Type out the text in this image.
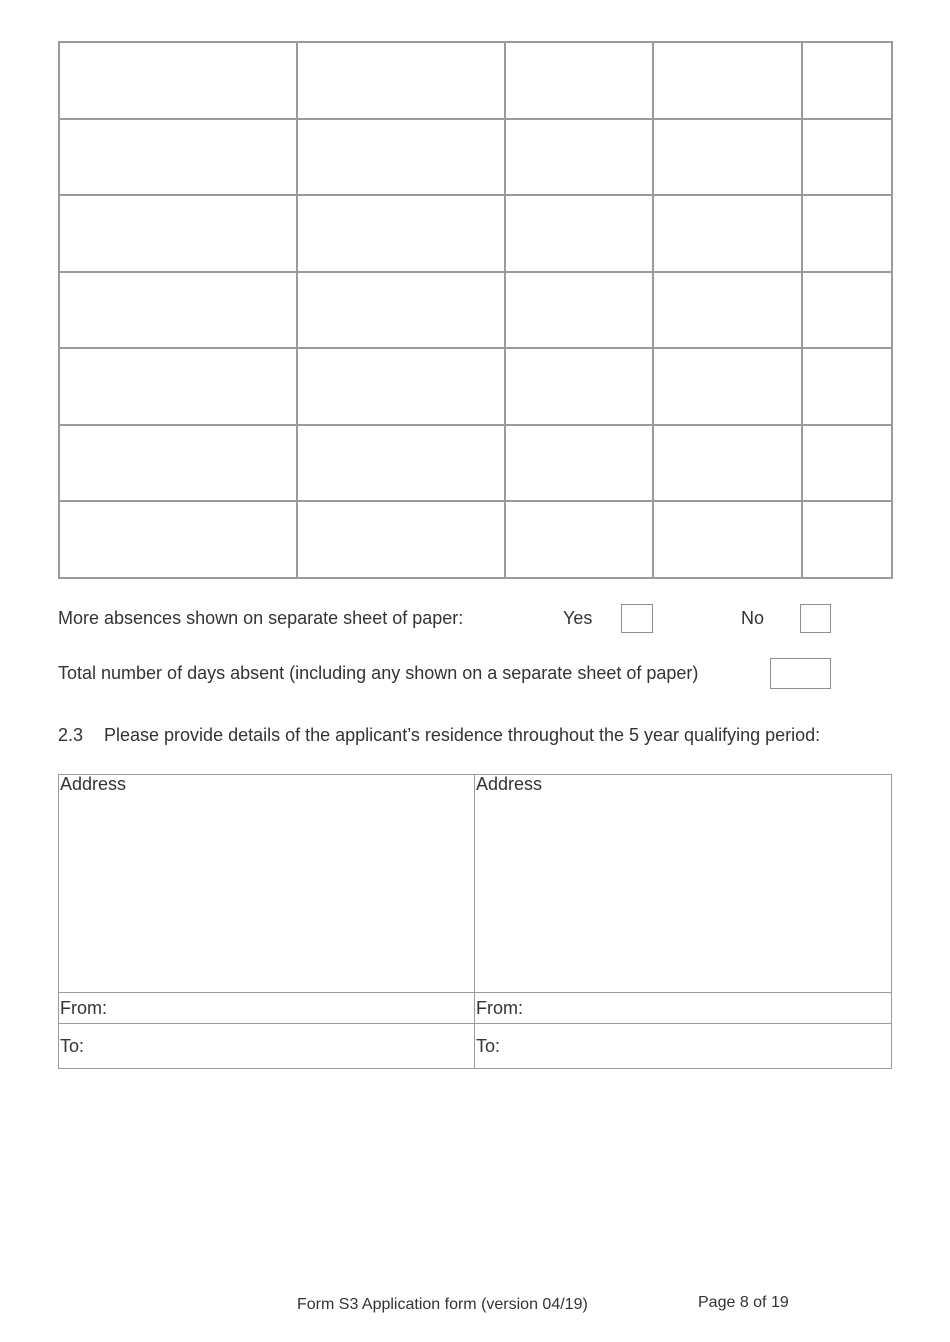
More absences shown on separate sheet of paper:	Yes	No
Total number of days absent (including any shown on a separate sheet of paper)
2.3 Please provide details of the applicant’s residence throughout the 5 year qualifying period:
Address	Address
From:	From:
To:	To:
Form S3 Application form (version 04/19)	Page 8 of 19
